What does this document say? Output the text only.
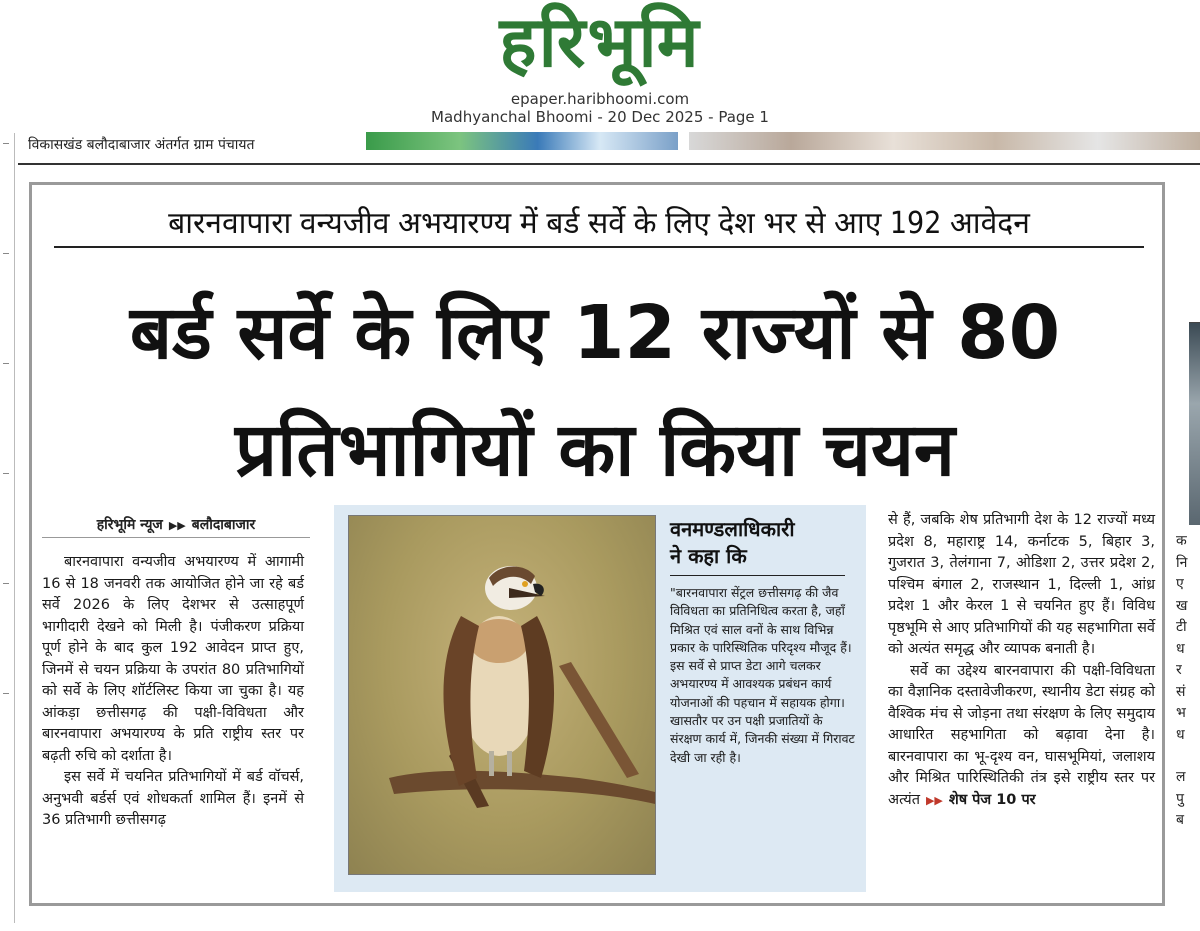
हरिभूमि
epaper.haribhoomi.com
Madhyanchal Bhoomi - 20 Dec 2025 - Page 1
विकासखंड बलौदाबाजार अंतर्गत ग्राम पंचायत
बारनवापारा वन्यजीव अभयारण्य में बर्ड सर्वे के लिए देश भर से आए 192 आवेदन
बर्ड सर्वे के लिए 12 राज्यों से 80
प्रतिभागियों का किया चयन
हरिभूमि न्यूज ▶▶ बलौदाबाजार

बारनवापारा वन्यजीव अभयारण्य में आगामी 16 से 18 जनवरी तक आयोजित होने जा रहे बर्ड सर्वे 2026 के लिए देशभर से उत्साहपूर्ण भागीदारी देखने को मिली है। पंजीकरण प्रक्रिया पूर्ण होने के बाद कुल 192 आवेदन प्राप्त हुए, जिनमें से चयन प्रक्रिया के उपरांत 80 प्रतिभागियों को सर्वे के लिए शॉर्टलिस्ट किया जा चुका है। यह आंकड़ा छत्तीसगढ़ की पक्षी-विविधता और बारनवापारा अभयारण्य के प्रति राष्ट्रीय स्तर पर बढ़ती रुचि को दर्शाता है।

इस सर्वे में चयनित प्रतिभागियों में बर्ड वॉचर्स, अनुभवी बर्डर्स एवं शोधकर्ता शामिल हैं। इनमें से 36 प्रतिभागी छत्तीसगढ़

वनमण्डलाधिकारी
ने कहा कि
"बारनवापारा सेंट्रल छत्तीसगढ़ की जैव विविधता का प्रतिनिधित्व करता है, जहाँ मिश्रित एवं साल वनों के साथ विभिन्न प्रकार के पारिस्थितिक परिदृश्य मौजूद हैं। इस सर्वे से प्राप्त डेटा आगे चलकर अभयारण्य में आवश्यक प्रबंधन कार्य योजनाओं की पहचान में सहायक होगा। खासतौर पर उन पक्षी प्रजातियों के संरक्षण कार्य में, जिनकी संख्या में गिरावट देखी जा रही है।

से हैं, जबकि शेष प्रतिभागी देश के 12 राज्यों मध्य प्रदेश 8, महाराष्ट्र 14, कर्नाटक 5, बिहार 3, गुजरात 3, तेलंगाना 7, ओडिशा 2, उत्तर प्रदेश 2, पश्चिम बंगाल 2, राजस्थान 1, दिल्ली 1, आंध्र प्रदेश 1 और केरल 1 से चयनित हुए हैं। विविध पृष्ठभूमि से आए प्रतिभागियों की यह सहभागिता सर्वे को अत्यंत समृद्ध और व्यापक बनाती है।

सर्वे का उद्देश्य बारनवापारा की पक्षी-विविधता का वैज्ञानिक दस्तावेजीकरण, स्थानीय डेटा संग्रह को वैश्विक मंच से जोड़ना तथा संरक्षण के लिए समुदाय आधारित सहभागिता को बढ़ावा देना है। बारनवापारा का भू-दृश्य वन, घासभूमियां, जलाशय और मिश्रित पारिस्थितिकी तंत्र इसे राष्ट्रीय स्तर पर अत्यंत ▶▶ शेष पेज 10 पर

क
नि
ए
ख
टी
ध
र
सं
भ
ध
ल
पु
ब
